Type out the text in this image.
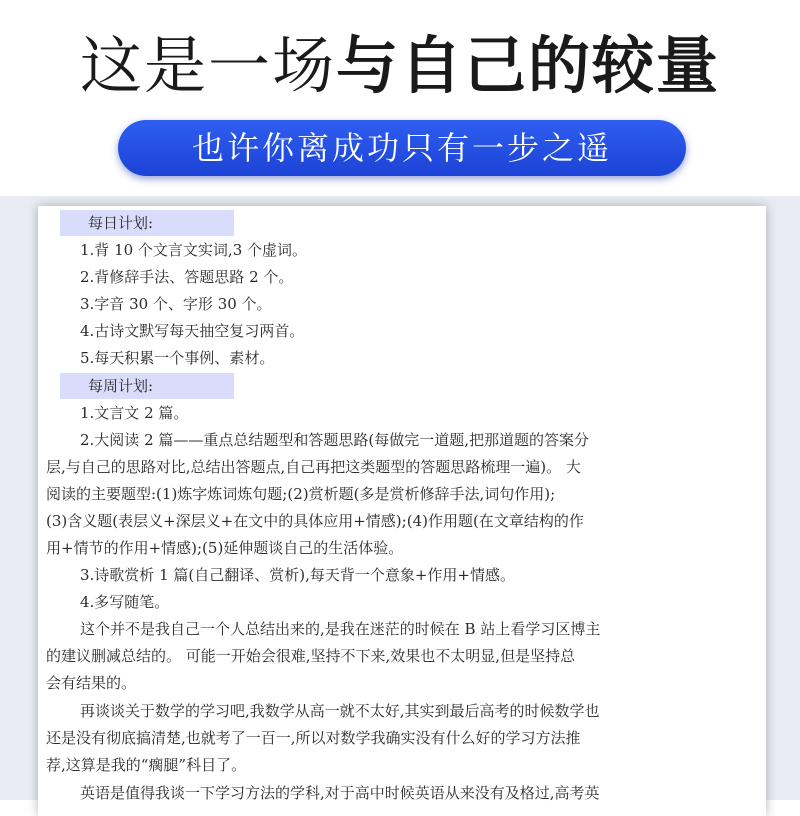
这是一场与自己的较量
也许你离成功只有一步之遥
每日计划:
1.背 10 个文言文实词,3 个虚词。
2.背修辞手法、答题思路 2 个。
3.字音 30 个、字形 30 个。
4.古诗文默写每天抽空复习两首。
5.每天积累一个事例、素材。
每周计划:
1.文言文 2 篇。
2.大阅读 2 篇——重点总结题型和答题思路(每做完一道题,把那道题的答案分
层,与自己的思路对比,总结出答题点,自己再把这类题型的答题思路梳理一遍)。 大
阅读的主要题型:(1)炼字炼词炼句题;(2)赏析题(多是赏析修辞手法,词句作用);
(3)含义题(表层义+深层义+在文中的具体应用+情感);(4)作用题(在文章结构的作
用+情节的作用+情感);(5)延伸题谈自己的生活体验。
3.诗歌赏析 1 篇(自己翻译、赏析),每天背一个意象+作用+情感。
4.多写随笔。
这个并不是我自己一个人总结出来的,是我在迷茫的时候在 B 站上看学习区博主
的建议删减总结的。 可能一开始会很难,坚持不下来,效果也不太明显,但是坚持总
会有结果的。
再谈谈关于数学的学习吧,我数学从高一就不太好,其实到最后高考的时候数学也
还是没有彻底搞清楚,也就考了一百一,所以对数学我确实没有什么好的学习方法推
荐,这算是我的“瘸腿”科目了。
英语是值得我谈一下学习方法的学科,对于高中时候英语从来没有及格过,高考英
